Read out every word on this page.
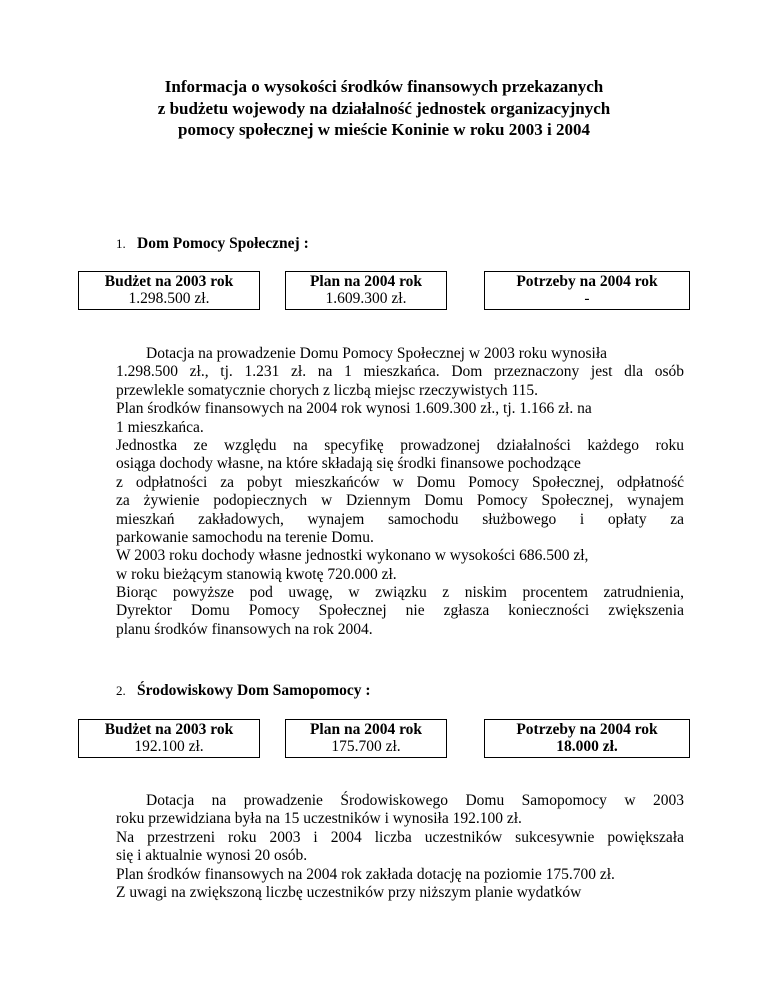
Informacja o wysokości środków finansowych przekazanych
z budżetu wojewody na działalność jednostek organizacyjnych
pomocy społecznej w mieście Koninie w roku 2003 i 2004
1. Dom Pomocy Społecznej :
Budżet na 2003 rok
1.298.500 zł.
Plan na 2004 rok
1.609.300 zł.
Potrzeby na 2004 rok
-
Dotacja na prowadzenie Domu Pomocy Społecznej w 2003 roku wynosiła
1.298.500 zł., tj. 1.231 zł. na 1 mieszkańca. Dom przeznaczony jest dla osób
przewlekle somatycznie chorych z liczbą miejsc rzeczywistych 115.
Plan środków finansowych na 2004 rok wynosi 1.609.300 zł., tj. 1.166 zł. na
1 mieszkańca.
Jednostka ze względu na specyfikę prowadzonej działalności każdego roku
osiąga dochody własne, na które składają się środki finansowe pochodzące
z odpłatności za pobyt mieszkańców w Domu Pomocy Społecznej, odpłatność
za żywienie podopiecznych w Dziennym Domu Pomocy Społecznej, wynajem
mieszkań zakładowych, wynajem samochodu służbowego i opłaty za
parkowanie samochodu na terenie Domu.
W 2003 roku dochody własne jednostki wykonano w wysokości 686.500 zł,
w roku bieżącym stanowią kwotę 720.000 zł.
Biorąc powyższe pod uwagę, w związku z niskim procentem zatrudnienia,
Dyrektor Domu Pomocy Społecznej nie zgłasza konieczności zwiększenia
planu środków finansowych na rok 2004.
2. Środowiskowy Dom Samopomocy :
Budżet na 2003 rok
192.100 zł.
Plan na 2004 rok
175.700 zł.
Potrzeby na 2004 rok
18.000 zł.
Dotacja na prowadzenie Środowiskowego Domu Samopomocy w 2003
roku przewidziana była na 15 uczestników i wynosiła 192.100 zł.
Na przestrzeni roku 2003 i 2004 liczba uczestników sukcesywnie powiększała
się i aktualnie wynosi 20 osób.
Plan środków finansowych na 2004 rok zakłada dotację na poziomie 175.700 zł.
Z uwagi na zwiększoną liczbę uczestników przy niższym planie wydatków
